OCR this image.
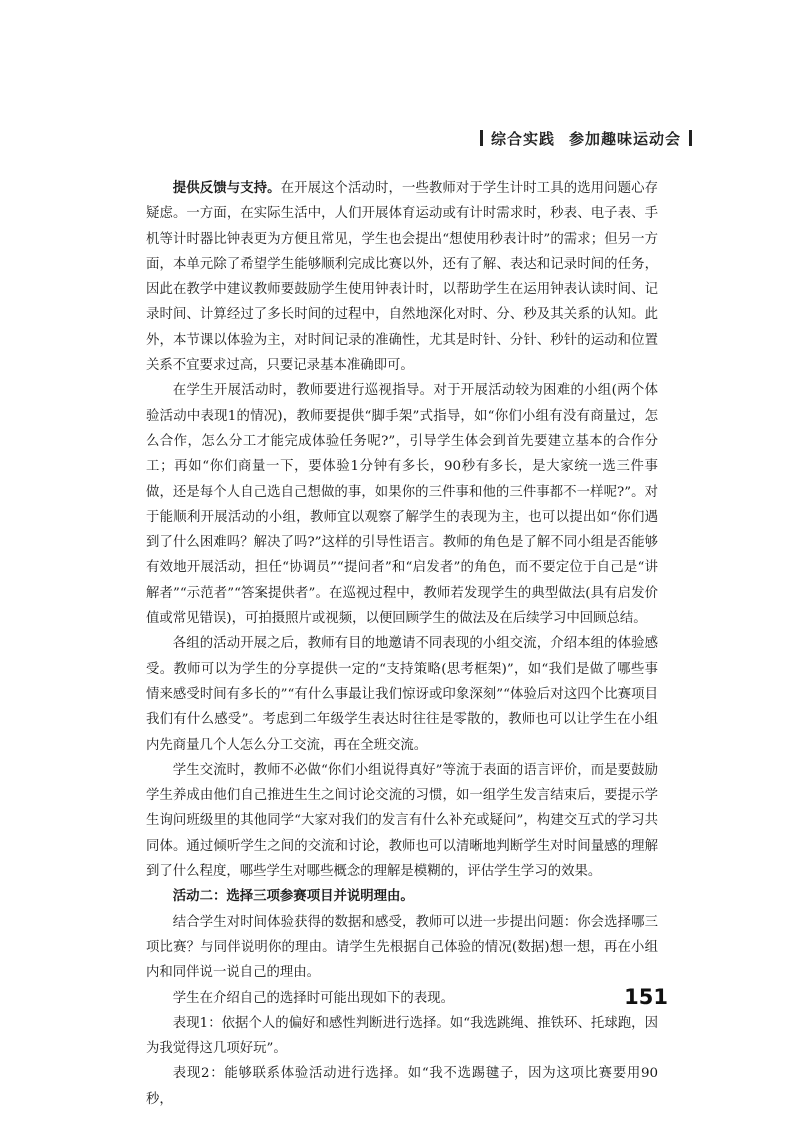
综合实践 参加趣味运动会

提供反馈与支持。在开展这个活动时，一些教师对于学生计时工具的选用问题心存疑虑。一方面，在实际生活中，人们开展体育运动或有计时需求时，秒表、电子表、手机等计时器比钟表更为方便且常见，学生也会提出“想使用秒表计时”的需求；但另一方面，本单元除了希望学生能够顺利完成比赛以外，还有了解、表达和记录时间的任务，因此在教学中建议教师要鼓励学生使用钟表计时，以帮助学生在运用钟表认读时间、记录时间、计算经过了多长时间的过程中，自然地深化对时、分、秒及其关系的认知。此外，本节课以体验为主，对时间记录的准确性，尤其是时针、分针、秒针的运动和位置关系不宜要求过高，只要记录基本准确即可。

在学生开展活动时，教师要进行巡视指导。对于开展活动较为困难的小组(两个体验活动中表现1的情况)，教师要提供“脚手架”式指导，如“你们小组有没有商量过，怎么合作，怎么分工才能完成体验任务呢?”，引导学生体会到首先要建立基本的合作分工；再如“你们商量一下，要体验1分钟有多长，90秒有多长，是大家统一选三件事做，还是每个人自己选自己想做的事，如果你的三件事和他的三件事都不一样呢?”。对于能顺利开展活动的小组，教师宜以观察了解学生的表现为主，也可以提出如“你们遇到了什么困难吗？解决了吗?”这样的引导性语言。教师的角色是了解不同小组是否能够有效地开展活动，担任“协调员”“提问者”和“启发者”的角色，而不要定位于自己是“讲解者”“示范者”“答案提供者”。在巡视过程中，教师若发现学生的典型做法(具有启发价值或常见错误)，可拍摄照片或视频，以便回顾学生的做法及在后续学习中回顾总结。

各组的活动开展之后，教师有目的地邀请不同表现的小组交流，介绍本组的体验感受。教师可以为学生的分享提供一定的“支持策略(思考框架)”，如“我们是做了哪些事情来感受时间有多长的”“有什么事最让我们惊讶或印象深刻”“体验后对这四个比赛项目我们有什么感受”。考虑到二年级学生表达时往往是零散的，教师也可以让学生在小组内先商量几个人怎么分工交流，再在全班交流。

学生交流时，教师不必做“你们小组说得真好”等流于表面的语言评价，而是要鼓励学生养成由他们自己推进生生之间讨论交流的习惯，如一组学生发言结束后，要提示学生询问班级里的其他同学“大家对我们的发言有什么补充或疑问”，构建交互式的学习共同体。通过倾听学生之间的交流和讨论，教师也可以清晰地判断学生对时间量感的理解到了什么程度，哪些学生对哪些概念的理解是模糊的，评估学生学习的效果。

活动二：选择三项参赛项目并说明理由。

结合学生对时间体验获得的数据和感受，教师可以进一步提出问题：你会选择哪三项比赛？与同伴说明你的理由。请学生先根据自己体验的情况(数据)想一想，再在小组内和同伴说一说自己的理由。

学生在介绍自己的选择时可能出现如下的表现。

表现1：依据个人的偏好和感性判断进行选择。如“我选跳绳、推铁环、托球跑，因为我觉得这几项好玩”。

表现2：能够联系体验活动进行选择。如“我不选踢毽子，因为这项比赛要用90秒，

151
